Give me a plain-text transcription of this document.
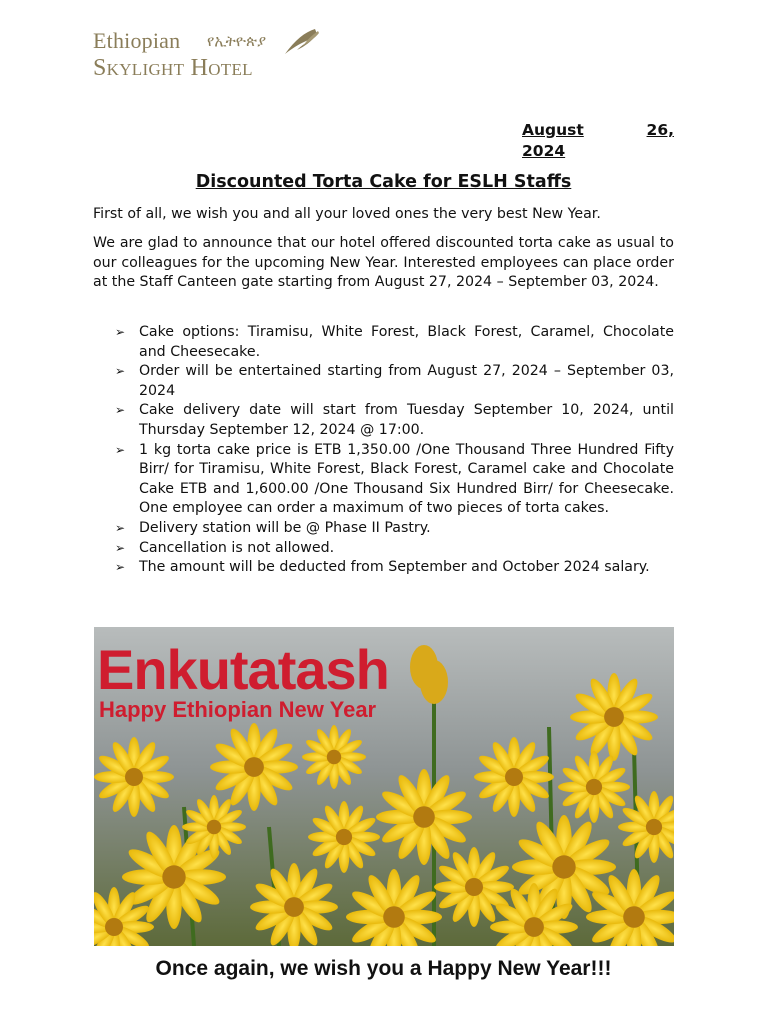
Ethiopian የኢትዮጵያ
Skylight Hotel
August	26,
2024
Discounted Torta Cake for ESLH Staffs
First of all, we wish you and all your loved ones the very best New Year.
We are glad to announce that our hotel offered discounted torta cake as usual to our colleagues for the upcoming New Year. Interested employees can place order at the Staff Canteen gate starting from August 27, 2024 – September 03, 2024.
➢ Cake options: Tiramisu, White Forest, Black Forest, Caramel, Chocolate and Cheesecake.
➢ Order will be entertained starting from August 27, 2024 – September 03, 2024
➢ Cake delivery date will start from Tuesday September 10, 2024, until Thursday September 12, 2024 @ 17:00.
➢ 1 kg torta cake price is ETB 1,350.00 /One Thousand Three Hundred Fifty Birr/ for Tiramisu, White Forest, Black Forest, Caramel cake and Chocolate Cake ETB and 1,600.00 /One Thousand Six Hundred Birr/ for Cheesecake. One employee can order a maximum of two pieces of torta cakes.
➢ Delivery station will be @ Phase II Pastry.
➢ Cancellation is not allowed.
➢ The amount will be deducted from September and October 2024 salary.
Enkutatash
Happy Ethiopian New Year
Once again, we wish you a Happy New Year!!!
